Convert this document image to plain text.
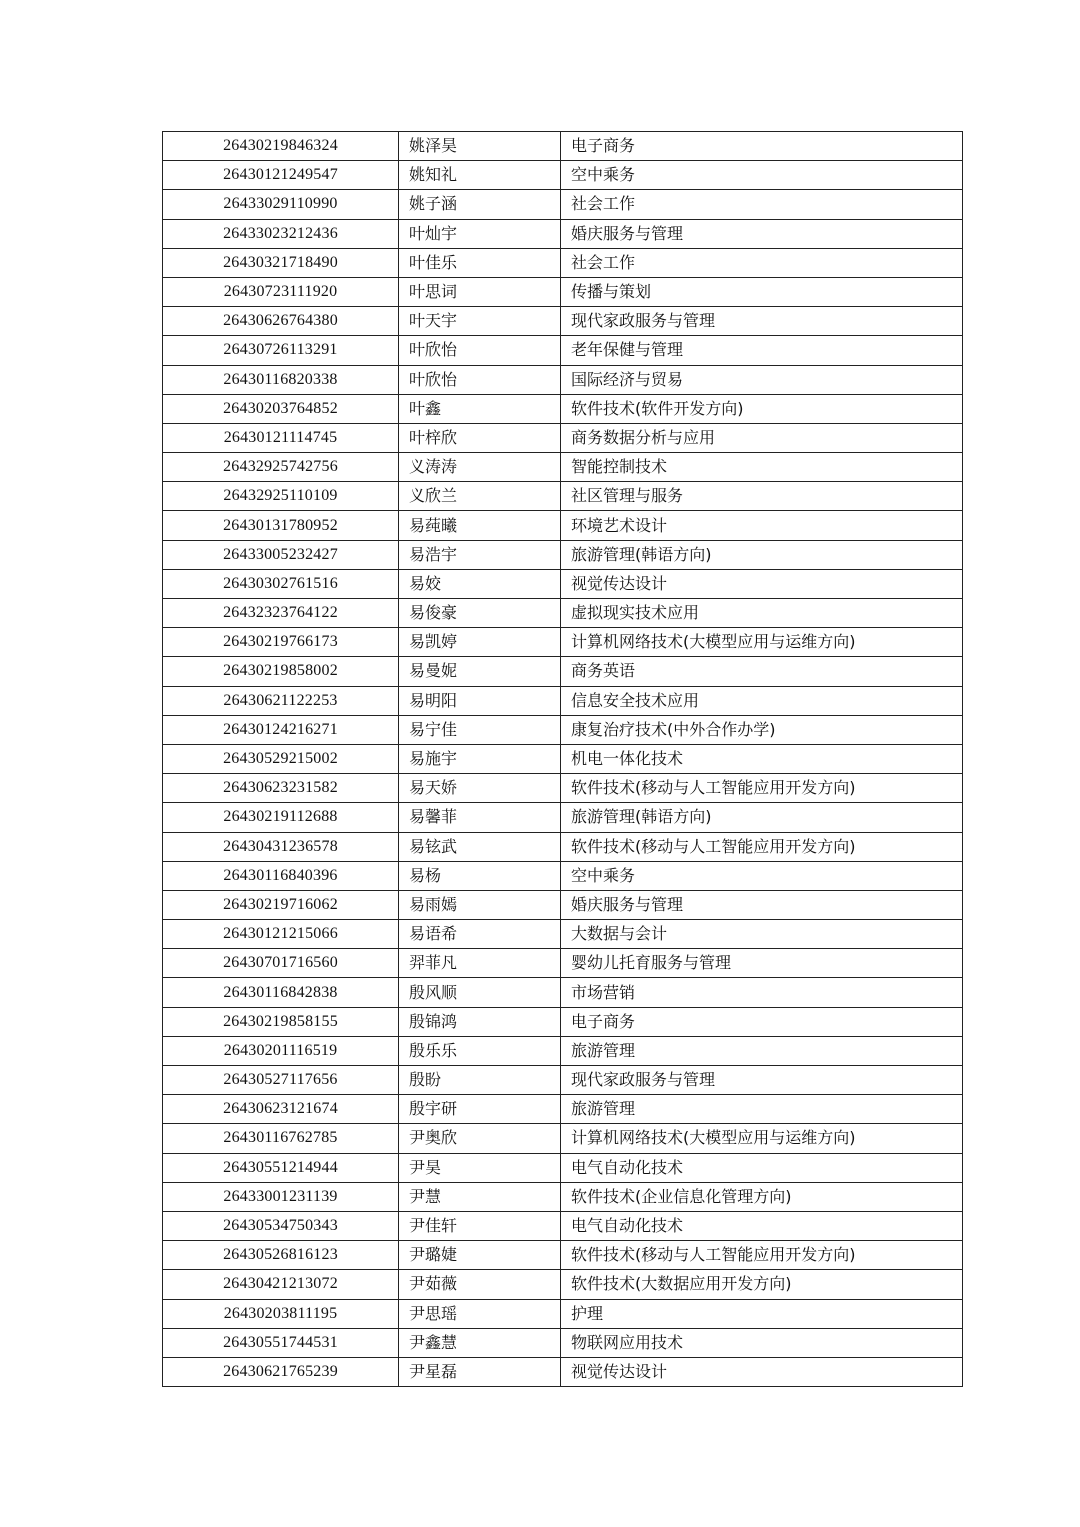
26430219846324	姚泽昊	电子商务
26430121249547	姚知礼	空中乘务
26433029110990	姚子涵	社会工作
26433023212436	叶灿宇	婚庆服务与管理
26430321718490	叶佳乐	社会工作
26430723111920	叶思词	传播与策划
26430626764380	叶天宇	现代家政服务与管理
26430726113291	叶欣怡	老年保健与管理
26430116820338	叶欣怡	国际经济与贸易
26430203764852	叶鑫	软件技术(软件开发方向)
26430121114745	叶梓欣	商务数据分析与应用
26432925742756	义涛涛	智能控制技术
26432925110109	义欣兰	社区管理与服务
26430131780952	易莼曦	环境艺术设计
26433005232427	易浩宇	旅游管理(韩语方向)
26430302761516	易姣	视觉传达设计
26432323764122	易俊豪	虚拟现实技术应用
26430219766173	易凯婷	计算机网络技术(大模型应用与运维方向)
26430219858002	易曼妮	商务英语
26430621122253	易明阳	信息安全技术应用
26430124216271	易宁佳	康复治疗技术(中外合作办学)
26430529215002	易施宇	机电一体化技术
26430623231582	易天娇	软件技术(移动与人工智能应用开发方向)
26430219112688	易馨菲	旅游管理(韩语方向)
26430431236578	易铉武	软件技术(移动与人工智能应用开发方向)
26430116840396	易杨	空中乘务
26430219716062	易雨嫣	婚庆服务与管理
26430121215066	易语希	大数据与会计
26430701716560	羿菲凡	婴幼儿托育服务与管理
26430116842838	殷风顺	市场营销
26430219858155	殷锦鸿	电子商务
26430201116519	殷乐乐	旅游管理
26430527117656	殷盼	现代家政服务与管理
26430623121674	殷宇研	旅游管理
26430116762785	尹奥欣	计算机网络技术(大模型应用与运维方向)
26430551214944	尹昊	电气自动化技术
26433001231139	尹慧	软件技术(企业信息化管理方向)
26430534750343	尹佳轩	电气自动化技术
26430526816123	尹璐婕	软件技术(移动与人工智能应用开发方向)
26430421213072	尹茹薇	软件技术(大数据应用开发方向)
26430203811195	尹思瑶	护理
26430551744531	尹鑫慧	物联网应用技术
26430621765239	尹星磊	视觉传达设计
